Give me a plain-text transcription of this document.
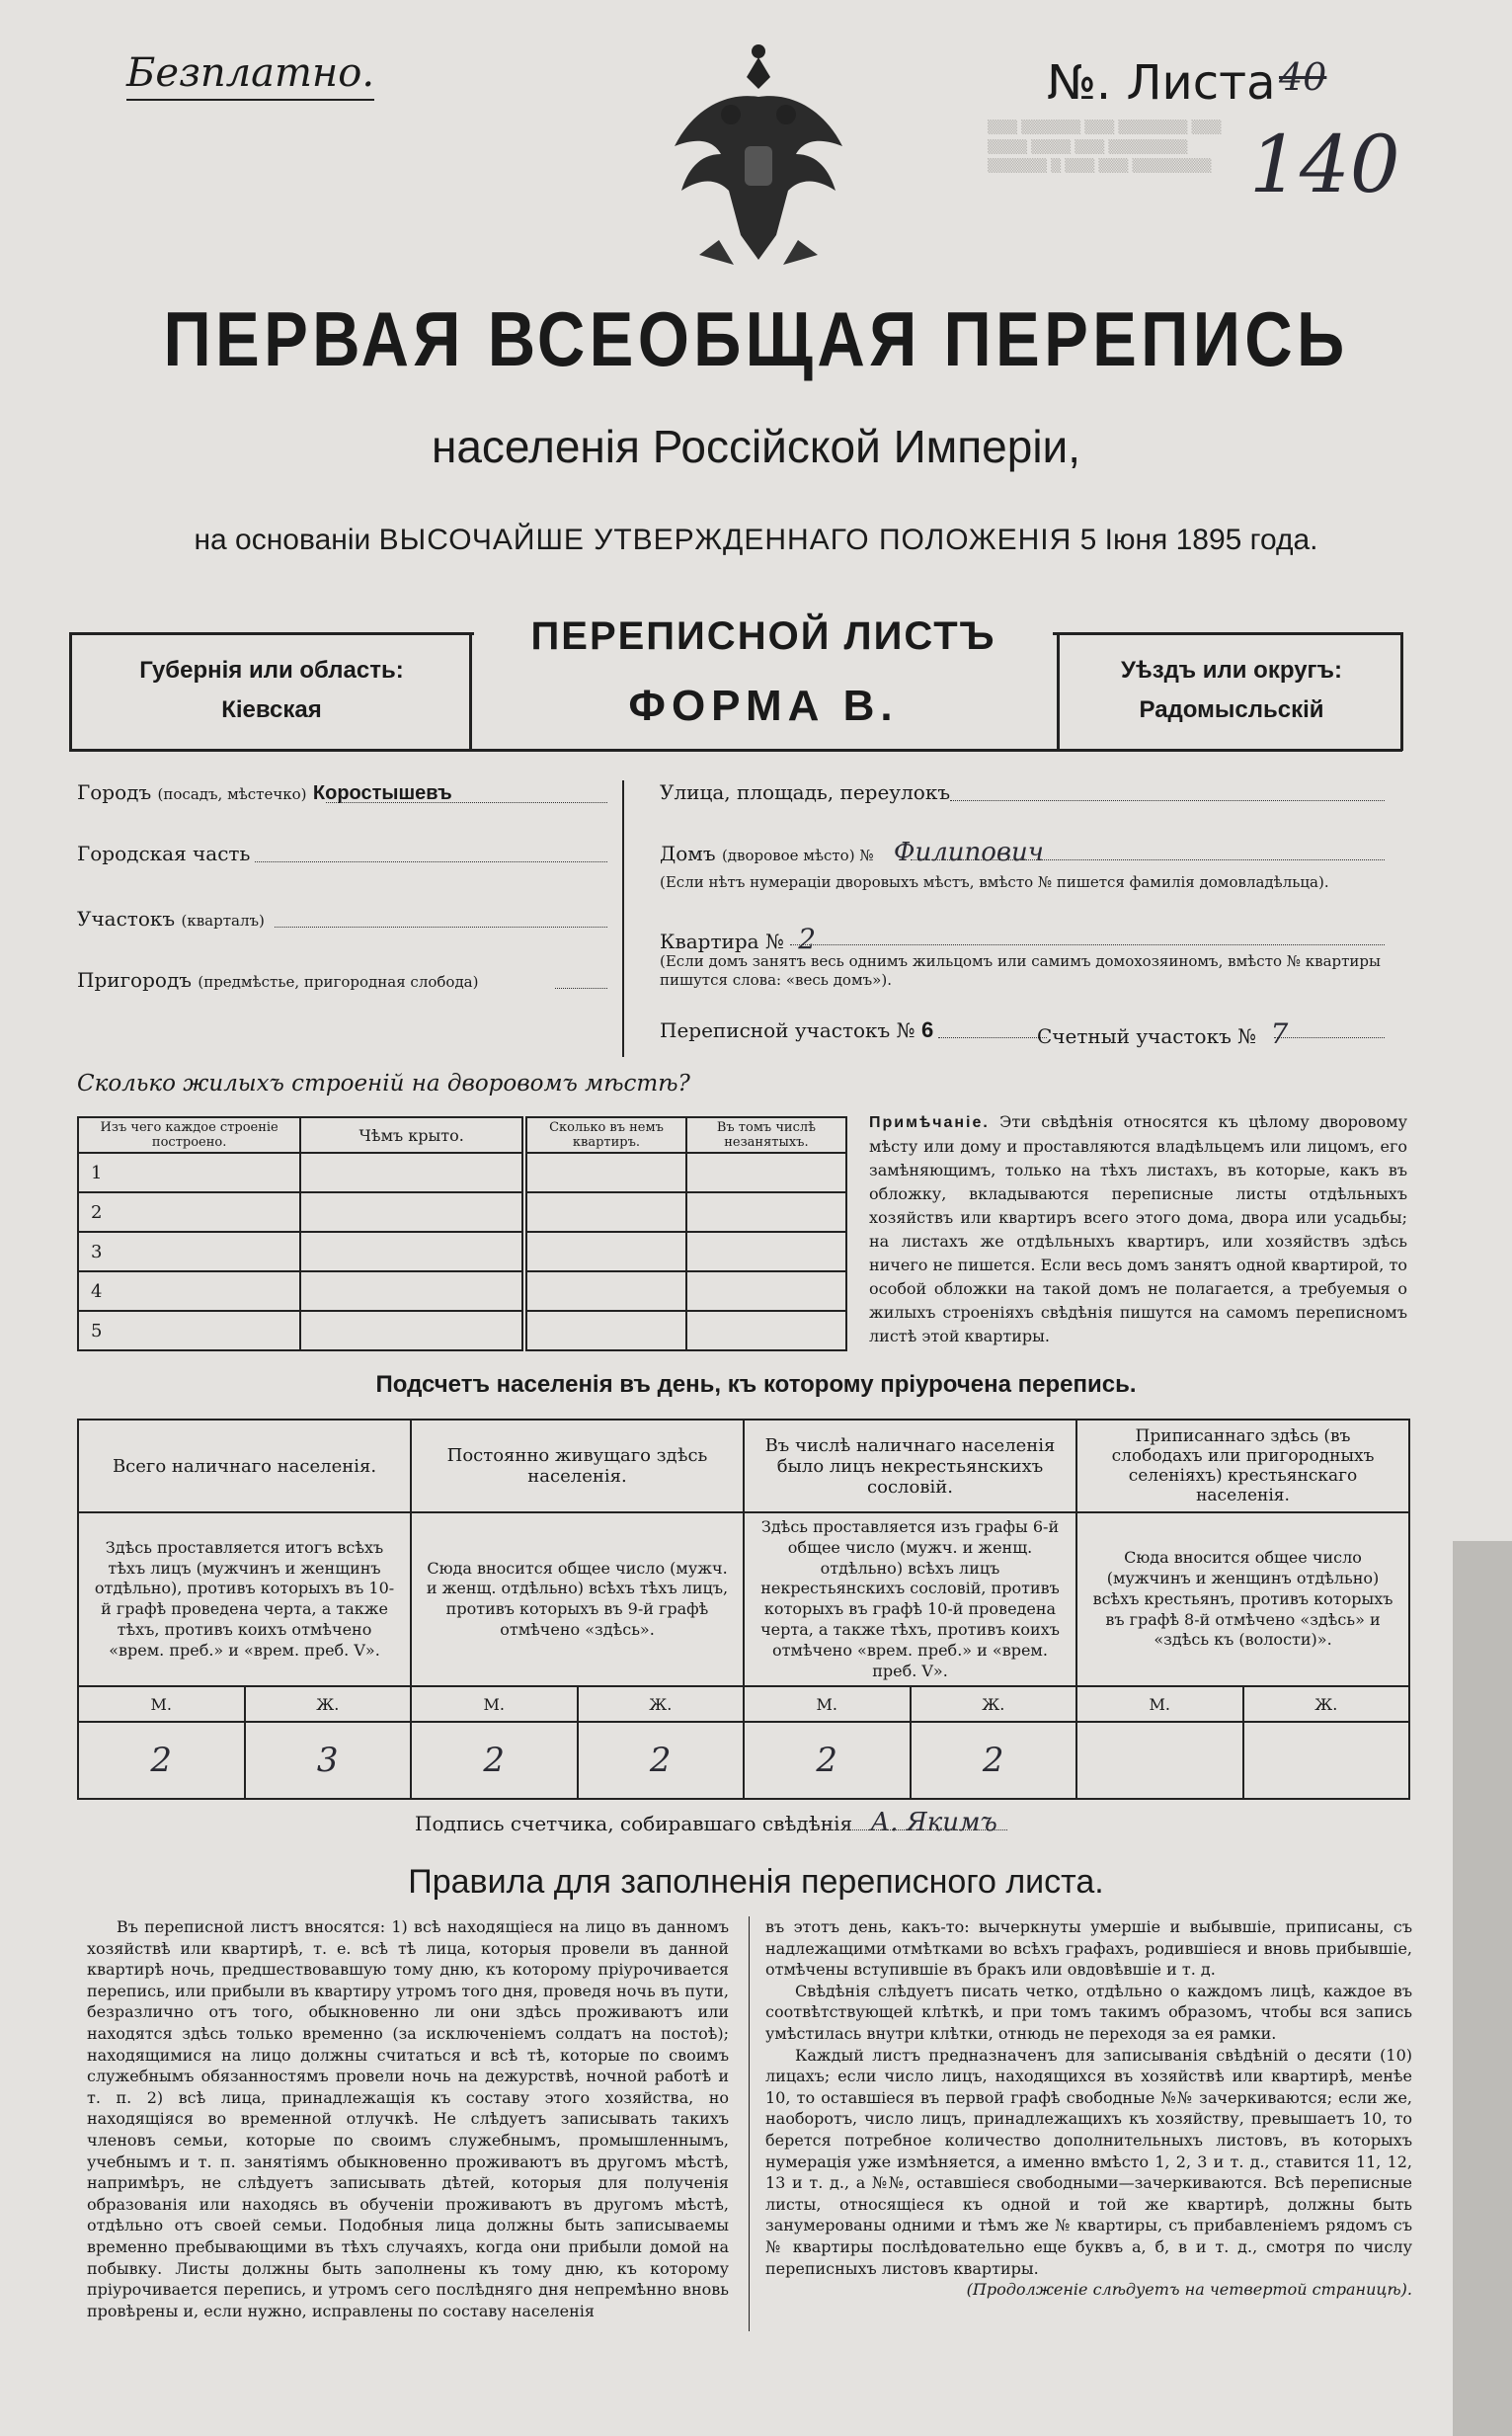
▒▒▒ ▒▒▒▒▒▒ ▒▒▒ ▒▒▒▒▒▒▒ ▒▒▒
▒▒▒▒ ▒▒▒▒ ▒▒▒ ▒▒▒▒▒▒▒▒
▒▒▒▒▒▒ ▒ ▒▒▒ ▒▒▒ ▒▒▒▒▒▒▒▒
Безплатно.	№. Листа 40
140
ПЕРВАЯ ВСЕОБЩАЯ ПЕРЕПИСЬ
населенія Россійской Имперіи,
на основаніи ВЫСОЧАЙШЕ УТВЕРЖДЕННАГО ПОЛОЖЕНІЯ 5 Іюня 1895 года.
Губернія или область:
Кіевская
ПЕРЕПИСНОЙ ЛИСТЪ
ФОРМА В.
Уѣздъ или округъ:
Радомысльскій
Городъ (посадъ, мѣстечко) Коростышевъ
Городская часть
Участокъ (кварталъ)
Пригородъ (предмѣстье, пригородная слобода)
Улица, площадь, переулокъ
Домъ (дворовое мѣсто) № Филипович
(Если нѣтъ нумераціи дворовыхъ мѣстъ, вмѣсто № пишется фамилія домовладѣльца).
Квартира № 2
(Если домъ занятъ весь однимъ жильцомъ или самимъ домохозяиномъ, вмѣсто № квартиры пишутся слова: «весь домъ»).
Переписной участокъ № 6	Счетный участокъ № 7
Сколько жилыхъ строеній на дворовомъ мѣстѣ?
Изъ чего каждое строеніе построено.	Чѣмъ крыто.	Сколько въ немъ квартиръ.	Въ томъ числѣ незанятыхъ.
1			
2			
3			
4			
5			
Примѣчаніе. Эти свѣдѣнія относятся къ цѣлому дворовому мѣсту или дому и проставляются владѣльцемъ или лицомъ, его замѣняющимъ, только на тѣхъ листахъ, въ которые, какъ въ обложку, вкладываются переписные листы отдѣльныхъ хозяйствъ или квартиръ всего этого дома, двора или усадьбы; на листахъ же отдѣльныхъ квартиръ, или хозяйствъ здѣсь ничего не пишется. Если весь домъ занятъ одной квартирой, то особой обложки на такой домъ не полагается, а требуемыя о жилыхъ строеніяхъ свѣдѣнія пишутся на самомъ переписномъ листѣ этой квартиры.
Подсчетъ населенія въ день, къ которому пріурочена перепись.
Всего наличнаго населенія.		Постоянно живущаго здѣсь населенія.		Въ числѣ наличнаго населенія было лицъ некрестьянскихъ сословій.		Приписаннаго здѣсь (въ слободахъ или пригородныхъ селеніяхъ) крестьянскаго населенія.	
Здѣсь проставляется итогъ всѣхъ тѣхъ лицъ (мужчинъ и женщинъ отдѣльно), противъ которыхъ въ 10-й графѣ проведена черта, а также тѣхъ, противъ коихъ отмѣчено «врем. преб.» и «врем. преб. V».		Сюда вносится общее число (мужч. и женщ. отдѣльно) всѣхъ тѣхъ лицъ, противъ которыхъ въ 9-й графѣ отмѣчено «здѣсь».		Здѣсь проставляется изъ графы 6-й общее число (мужч. и женщ. отдѣльно) всѣхъ лицъ некрестьянскихъ сословій, противъ которыхъ въ графѣ 10-й проведена черта, а также тѣхъ, противъ коихъ отмѣчено «врем. преб.» и «врем. преб. V».		Сюда вносится общее число (мужчинъ и женщинъ отдѣльно) всѣхъ крестьянъ, противъ которыхъ въ графѣ 8-й отмѣчено «здѣсь» и «здѣсь къ (волости)».	
М.	Ж.	М.	Ж.	М.	Ж.	М.	Ж.
2	3	2	2	2	2		
Подпись счетчика, собиравшаго свѣдѣнія А. Якимъ
Правила для заполненія переписного листа.
Въ переписной листъ вносятся: 1) всѣ находящіеся на лицо въ данномъ хозяйствѣ или квартирѣ, т. е. всѣ тѣ лица, которыя провели въ данной квартирѣ ночь, предшествовавшую тому дню, къ которому пріурочивается перепись, или прибыли въ квартиру утромъ того дня, проведя ночь въ пути, безразлично отъ того, обыкновенно ли они здѣсь проживаютъ или находятся здѣсь только временно (за исключеніемъ солдатъ на постоѣ); находящимися на лицо должны считаться и всѣ тѣ, которые по своимъ служебнымъ обязанностямъ провели ночь на дежурствѣ, ночной работѣ и т. п. 2) всѣ лица, принадлежащія къ составу этого хозяйства, но находящіяся во временной отлучкѣ. Не слѣдуетъ записывать такихъ членовъ семьи, которые по своимъ служебнымъ, промышленнымъ, учебнымъ и т. п. занятіямъ обыкновенно проживаютъ въ другомъ мѣстѣ, напримѣръ, не слѣдуетъ записывать дѣтей, которыя для полученія образованія или находясь въ обученіи проживаютъ въ другомъ мѣстѣ, отдѣльно отъ своей семьи. Подобныя лица должны быть записываемы временно пребывающими въ тѣхъ случаяхъ, когда они прибыли домой на побывку. Листы должны быть заполнены къ тому дню, къ которому пріурочивается перепись, и утромъ сего послѣдняго дня непремѣнно вновь провѣрены и, если нужно, исправлены по составу населенія
въ этотъ день, какъ-то: вычеркнуты умершіе и выбывшіе, приписаны, съ надлежащими отмѣтками во всѣхъ графахъ, родившіеся и вновь прибывшіе, отмѣчены вступившіе въ бракъ или овдовѣвшіе и т. д.
Свѣдѣнія слѣдуетъ писать четко, отдѣльно о каждомъ лицѣ, каждое въ соотвѣтствующей клѣткѣ, и при томъ такимъ образомъ, чтобы вся запись умѣстилась внутри клѣтки, отнюдь не переходя за ея рамки.
Каждый листъ предназначенъ для записыванія свѣдѣній о десяти (10) лицахъ; если число лицъ, находящихся въ хозяйствѣ или квартирѣ, менѣе 10, то оставшіеся въ первой графѣ свободные №№ зачеркиваются; если же, наоборотъ, число лицъ, принадлежащихъ къ хозяйству, превышаетъ 10, то берется потребное количество дополнительныхъ листовъ, въ которыхъ нумерація уже измѣняется, а именно вмѣсто 1, 2, 3 и т. д., ставится 11, 12, 13 и т. д., а №№, оставшіеся свободными—зачеркиваются. Всѣ переписные листы, относящіеся къ одной и той же квартирѣ, должны быть занумерованы одними и тѣмъ же № квартиры, съ прибавленіемъ рядомъ съ № квартиры послѣдовательно еще буквъ а, б, в и т. д., смотря по числу переписныхъ листовъ квартиры.
(Продолженіе слѣдуетъ на четвертой страницѣ).
